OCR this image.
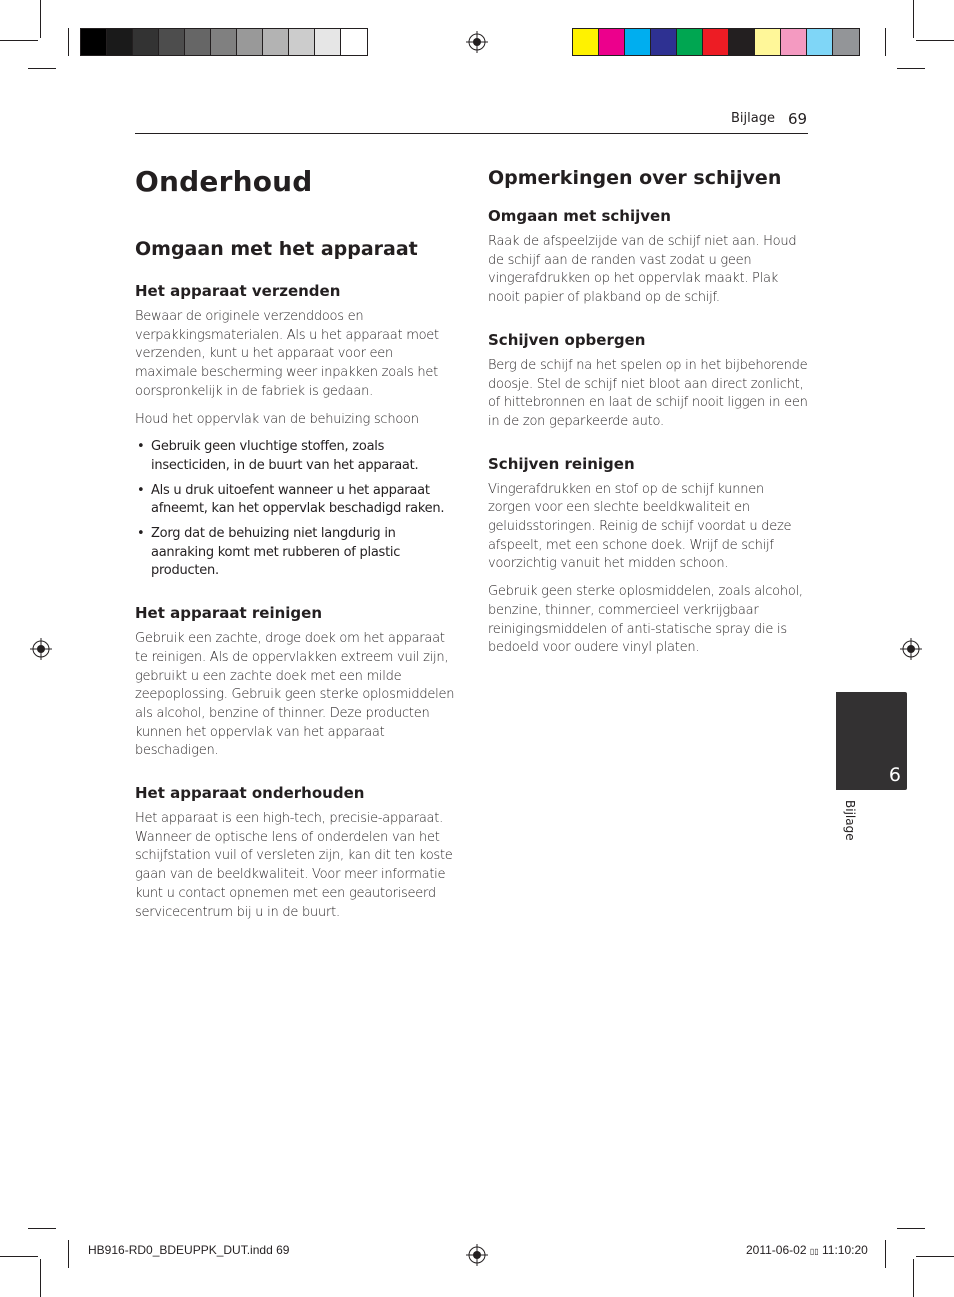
Bijlage 69
Onderhoud
Omgaan met het apparaat
Het apparaat verzenden

Bewaar de originele verzenddoos en verpakkingsmaterialen. Als u het apparaat moet verzenden, kunt u het apparaat voor een maximale bescherming weer inpakken zoals het oorspronkelijk in de fabriek is gedaan.

Houd het oppervlak van de behuizing schoon

• Gebruik geen vluchtige stoffen, zoals insecticiden, in de buurt van het apparaat.
• Als u druk uitoefent wanneer u het apparaat afneemt, kan het oppervlak beschadigd raken.
• Zorg dat de behuizing niet langdurig in aanraking komt met rubberen of plastic producten.
Het apparaat reinigen

Gebruik een zachte, droge doek om het apparaat te reinigen. Als de oppervlakken extreem vuil zijn, gebruikt u een zachte doek met een milde zeepoplossing. Gebruik geen sterke oplosmiddelen als alcohol, benzine of thinner. Deze producten kunnen het oppervlak van het apparaat beschadigen.

Het apparaat onderhouden

Het apparaat is een high-tech, precisie-apparaat. Wanneer de optische lens of onderdelen van het schijfstation vuil of versleten zijn, kan dit ten koste gaan van de beeldkwaliteit. Voor meer informatie kunt u contact opnemen met een geautoriseerd servicecentrum bij u in de buurt.

Opmerkingen over schijven
Omgaan met schijven

Raak de afspeelzijde van de schijf niet aan. Houd de schijf aan de randen vast zodat u geen vingerafdrukken op het oppervlak maakt. Plak nooit papier of plakband op de schijf.

Schijven opbergen

Berg de schijf na het spelen op in het bijbehorende doosje. Stel de schijf niet bloot aan direct zonlicht, of hittebronnen en laat de schijf nooit liggen in een in de zon geparkeerde auto.

Schijven reinigen

Vingerafdrukken en stof op de schijf kunnen zorgen voor een slechte beeldkwaliteit en geluidsstoringen. Reinig de schijf voordat u deze afspeelt, met een schone doek. Wrijf de schijf voorzichtig vanuit het midden schoon.

Gebruik geen sterke oplosmiddelen, zoals alcohol, benzine, thinner, commercieel verkrijgbaar reinigingsmiddelen of anti-statische spray die is bedoeld voor oudere vinyl platen.

6
Bijlage
HB916-RD0_BDEUPPK_DUT.indd 69	2011-06-02 ▯▯ 11:10:20
